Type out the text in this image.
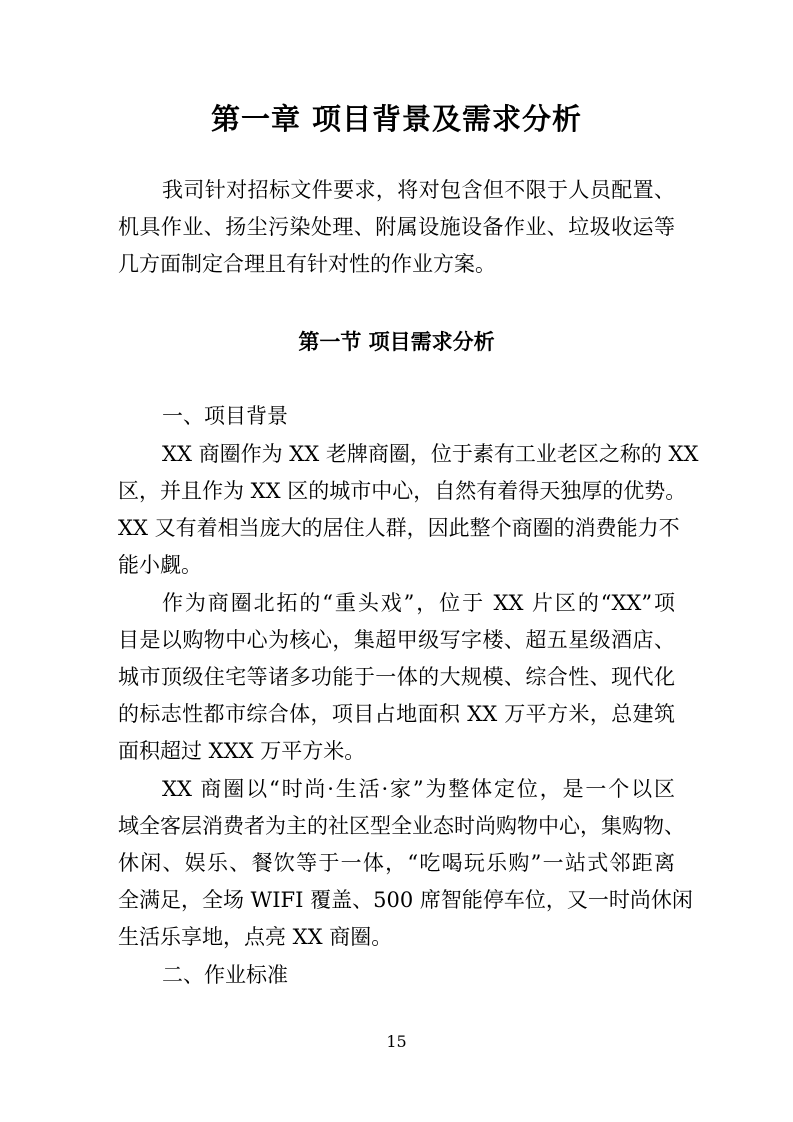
第一章 项目背景及需求分析
我司针对招标文件要求，将对包含但不限于人员配置、
机具作业、扬尘污染处理、附属设施设备作业、垃圾收运等
几方面制定合理且有针对性的作业方案。
第一节 项目需求分析
一、项目背景
XX 商圈作为 XX 老牌商圈，位于素有工业老区之称的 XX
区，并且作为 XX 区的城市中心，自然有着得天独厚的优势。
XX 又有着相当庞大的居住人群，因此整个商圈的消费能力不
能小觑。
作为商圈北拓的“重头戏”，位于 XX 片区的“XX”项
目是以购物中心为核心，集超甲级写字楼、超五星级酒店、
城市顶级住宅等诸多功能于一体的大规模、综合性、现代化
的标志性都市综合体，项目占地面积 XX 万平方米，总建筑
面积超过 XXX 万平方米。
XX 商圈以“时尚·生活·家”为整体定位，是一个以区
域全客层消费者为主的社区型全业态时尚购物中心，集购物、
休闲、娱乐、餐饮等于一体，“吃喝玩乐购”一站式邻距离
全满足，全场 WIFI 覆盖、500 席智能停车位，又一时尚休闲
生活乐享地，点亮 XX 商圈。
二、作业标准
15
